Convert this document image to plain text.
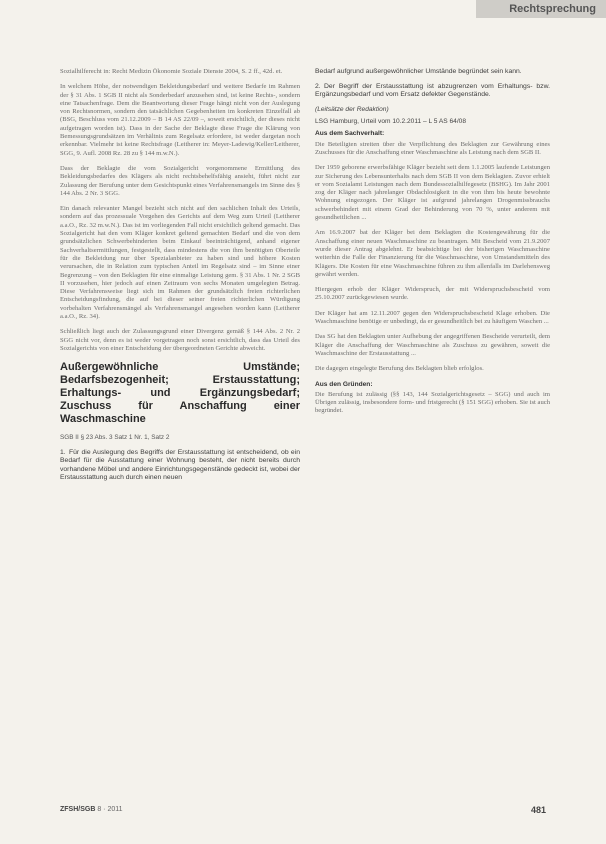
Rechtsprechung

Sozialhilferecht in: Recht Medizin Ökonomie Soziale Dienste 2004, S. 2 ff., 42d. et.

In welchem Höhe, der notwendigen Bekleidungsbedarf und weitere Bedarfe im Rahmen der § 31 Abs. 1 SGB II nicht als Sonderbedarf anzusehen sind, ist keine Rechts-, sondern eine Tatsachenfrage. Dem die Beantwortung dieser Frage hängt nicht von der Auslegung von Rechtsnormen, sondern den tatsächlichen Gegebenheiten im konkreten Einzelfall ab (BSG, Beschluss vom 21.12.2009 – B 14 AS 22/09 –, soweit ersichtlich, der dieses nicht aufgetragen worden ist). Dass in der Sache der Beklagte diese Frage die Klärung von Bemessungsgrundsätzen im Verhältnis zum Regelsatz erfordere, ist weder dargetan noch erkennbar. Vielmehr ist keine Rechtsfrage (Leitherer in: Meyer-Ladewig/Keller/Leitherer, SGG, 9. Aufl. 2008 Rz. 28 zu § 144 m.w.N.).

Dass der Beklagte die vom Sozialgericht vorgenommene Ermittlung des Bekleidungsbedarfes des Klägers als nicht rechtsbehelfsfähig ansieht, führt nicht zur Zulassung der Berufung unter dem Gesichtspunkt eines Verfahrensmangels im Sinne des § 144 Abs. 2 Nr. 3 SGG.

Ein danach relevanter Mangel bezieht sich nicht auf den sachlichen Inhalt des Urteils, sondern auf das prozessuale Vorgehen des Gerichts auf dem Weg zum Urteil (Leitherer a.a.O., Rz. 32 m.w.N.). Das ist im vorliegenden Fall nicht ersichtlich geltend gemacht. Das Sozialgericht hat den vom Kläger konkret geltend gemachten Bedarf und die von dem grundsätzlichen Schwerbehinderten beim Einkauf beeinträchtigend, anhand eigener Sachverhaltsermittlungen, festgestellt, dass mindestens die von ihm benötigten Oberteile für die Bekleidung nur über Spezialanbieter zu haben sind und höhere Kosten verursachen, die in Relation zum typischen Anteil im Regelsatz sind – im Sinne einer Begrenzung – von den Beklagten für eine einmalige Leistung gem. § 31 Abs. 1 Nr. 2 SGB II vorzusehen, hier jedoch auf einen Zeitraum von sechs Monaten umgelegten Betrag. Diese Verfahrensweise liegt sich im Rahmen der grundsätzlich freien richterlichen Entscheidungsfindung, die auf bei dieser seiner freien richterlichen Würdigung vorbehalten Verfahrensmängel als Verfahrensmangel angesehen worden kann (Leitherer a.a.O., Rz. 34).

Schließlich liegt auch der Zulassungsgrund einer Divergenz gemäß § 144 Abs. 2 Nr. 2 SGG nicht vor, denn es ist weder vorgetragen noch sonst ersichtlich, dass das Urteil des Sozialgerichts von einer Entscheidung der übergeordneten Gerichte abweicht.

Außergewöhnliche Umstände; Bedarfsbezogenheit; Erstausstattung; Erhaltungs- und Ergänzungsbedarf; Zuschuss für Anschaffung einer Waschmaschine
SGB II § 23 Abs. 3 Satz 1 Nr. 1, Satz 2
1. Für die Auslegung des Begriffs der Erstausstattung ist entscheidend, ob ein Bedarf für die Ausstattung einer Wohnung besteht, der nicht bereits durch vorhandene Möbel und andere Einrichtungsgegenstände gedeckt ist, wobei der Erstausstattung auch durch einen neuen
Bedarf aufgrund außergewöhnlicher Umstände begründet sein kann.
2. Der Begriff der Erstausstattung ist abzugrenzen vom Erhaltungs- bzw. Ergänzungsbedarf und vom Ersatz defekter Gegenstände.
(Leitsätze der Redaktion)
LSG Hamburg, Urteil vom 10.2.2011 – L 5 AS 64/08
Aus dem Sachverhalt:

Die Beteiligten streiten über die Verpflichtung des Beklagten zur Gewährung eines Zuschusses für die Anschaffung einer Waschmaschine als Leistung nach dem SGB II.

Der 1959 geborene erwerbsfähige Kläger bezieht seit dem 1.1.2005 laufende Leistungen zur Sicherung des Lebensunterhalts nach dem SGB II von dem Beklagten. Zuvor erhielt er vom Sozialamt Leistungen nach dem Bundessozialhilfegesetz (BSHG). Im Jahr 2001 zog der Kläger nach jahrelanger Obdachlosigkeit in die von ihm bis heute bewohnte Wohnung eingezogen. Der Kläger ist aufgrund jahrelangen Drogenmissbrauchs schwerbehindert mit einem Grad der Behinderung von 70 %, unter anderem mit gesundheitlichen ...

Am 16.9.2007 bat der Kläger bei dem Beklagten die Kostengewährung für die Anschaffung einer neuen Waschmaschine zu beantragen. Mit Bescheid vom 21.9.2007 wurde dieser Antrag abgelehnt. Er beabsichtige bei der bisherigen Waschmaschine weiterhin die Falle der Finanzierung für die Waschmaschine, von Umstandsmitteln des Klägers. Die Kosten für eine Waschmaschine führen zu ihm allenfalls im Darlehensweg gewährt werden.

Hiergegen erhob der Kläger Widerspruch, der mit Widerspruchsbescheid vom 25.10.2007 zurückgewiesen wurde.

Der Kläger hat am 12.11.2007 gegen den Widerspruchsbescheid Klage erhoben. Die Waschmaschine benötige er unbedingt, da er gesundheitlich bei zu häufigem Waschen ...

Das SG hat den Beklagten unter Aufhebung der angegriffenen Bescheide verurteilt, dem Kläger die Anschaffung der Waschmaschine als Zuschuss zu gewähren, soweit die Waschmaschine der Erstausstattung ...

Die dagegen eingelegte Berufung des Beklagten blieb erfolglos.

Aus den Gründen:

Die Berufung ist zulässig (§§ 143, 144 Sozialgerichtsgesetz – SGG) und auch im Übrigen zulässig, insbesondere form- und fristgerecht (§ 151 SGG) erhoben. Sie ist auch begründet.

ZFSH/SGB 8 · 2011	481
